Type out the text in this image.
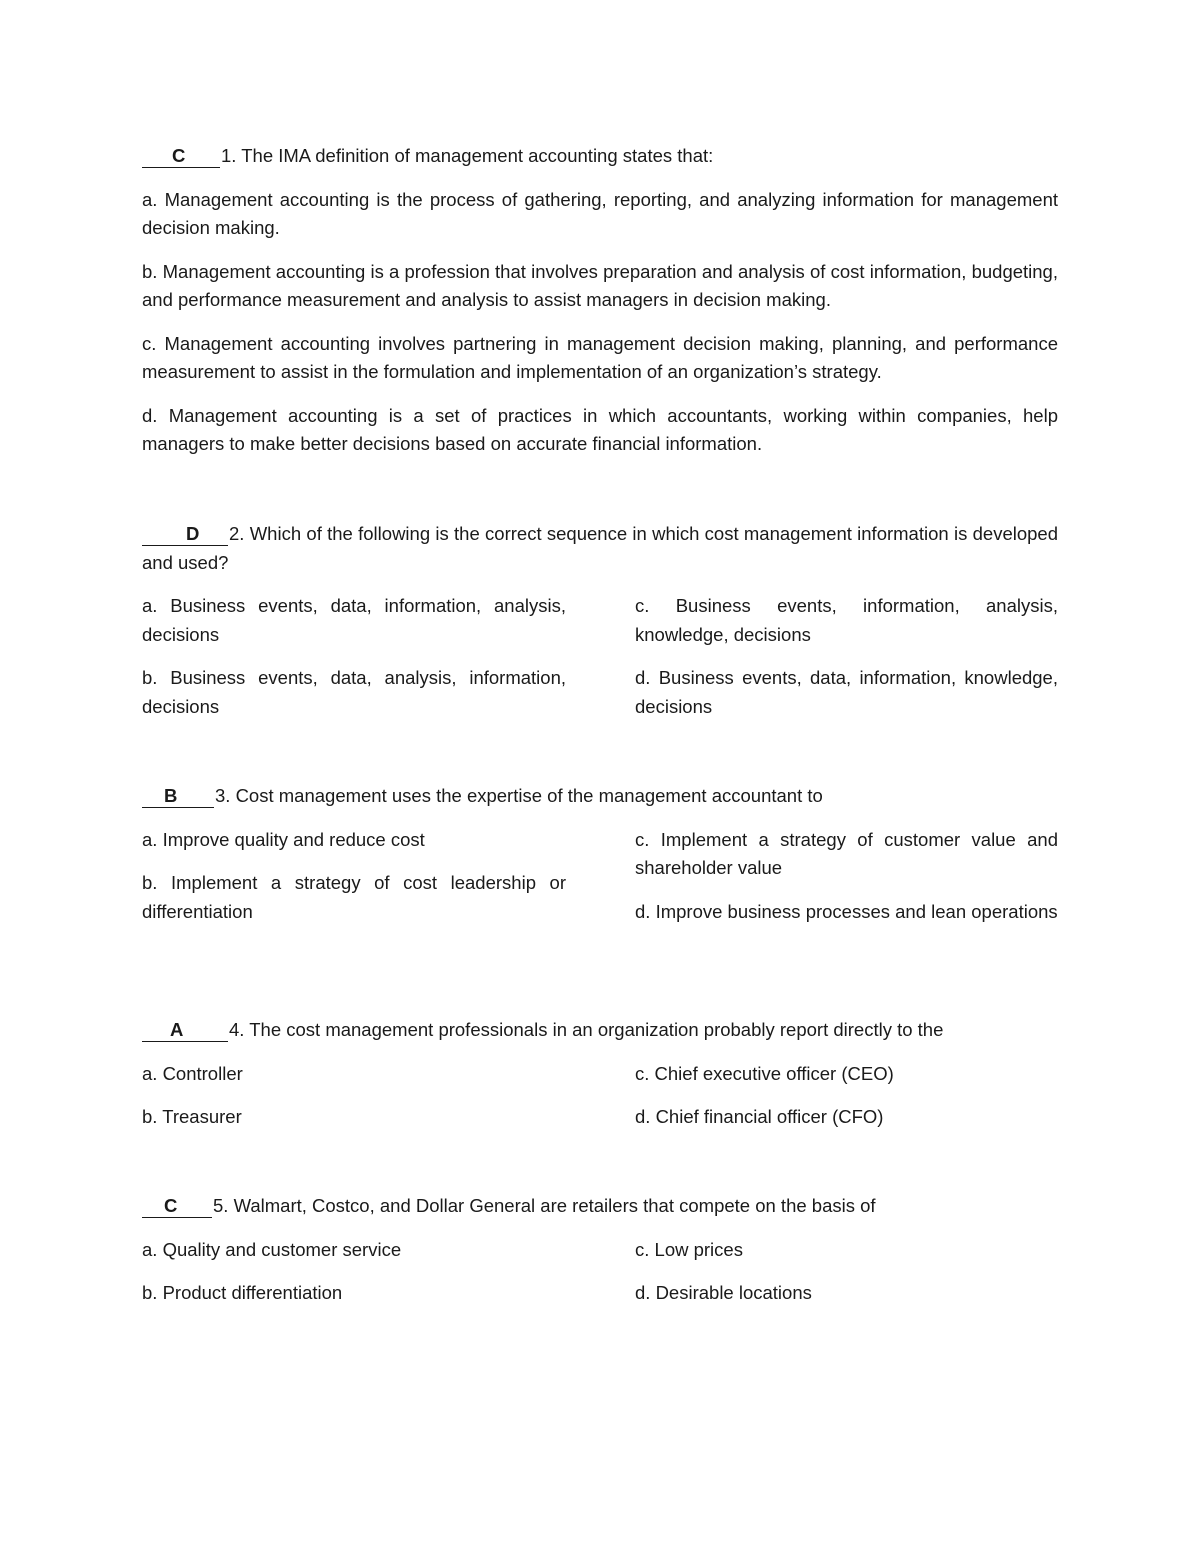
C 1. The IMA definition of management accounting states that:

a. Management accounting is the process of gathering, reporting, and analyzing information for management decision making.

b. Management accounting is a profession that involves preparation and analysis of cost information, budgeting, and performance measurement and analysis to assist managers in decision making.

c. Management accounting involves partnering in management decision making, planning, and performance measurement to assist in the formulation and implementation of an organization’s strategy.

d. Management accounting is a set of practices in which accountants, working within companies, help managers to make better decisions based on accurate financial information.

D 2. Which of the following is the correct sequence in which cost management information is developed and used?

a. Business events, data, information, analysis, decisions

b. Business events, data, analysis, information, decisions

c. Business events, information, analysis, knowledge, decisions

d. Business events, data, information, knowledge, decisions

B 3. Cost management uses the expertise of the management accountant to

a. Improve quality and reduce cost

b. Implement a strategy of cost leadership or differentiation

c. Implement a strategy of customer value and shareholder value

d. Improve business processes and lean operations

A 4. The cost management professionals in an organization probably report directly to the

a. Controller

b. Treasurer

c. Chief executive officer (CEO)

d. Chief financial officer (CFO)

C 5. Walmart, Costco, and Dollar General are retailers that compete on the basis of

a. Quality and customer service

b. Product differentiation

c. Low prices

d. Desirable locations
